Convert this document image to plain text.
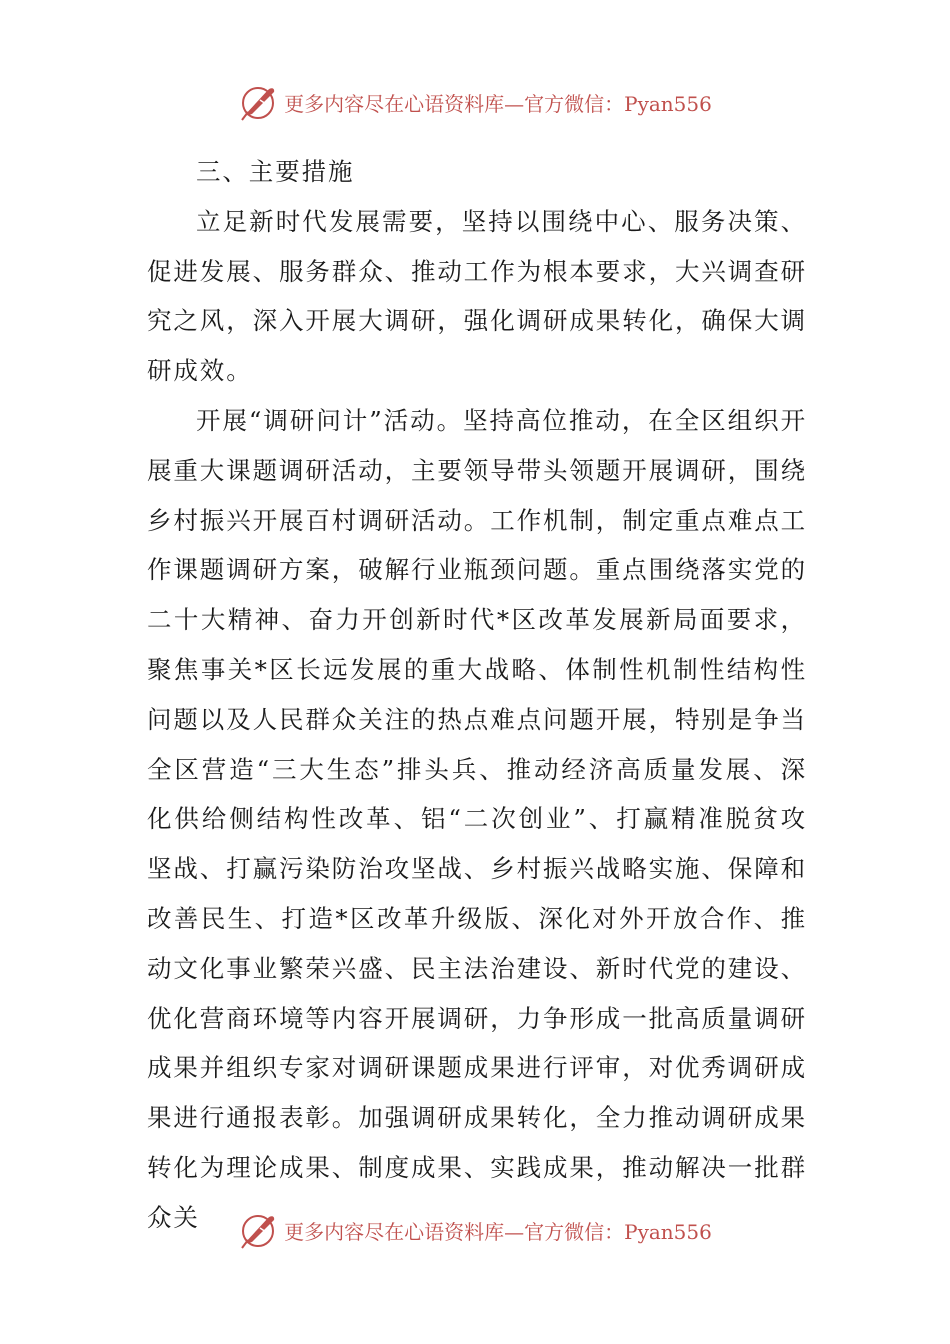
更多内容尽在心语资料库—官方微信：Pyan556

三、主要措施

立足新时代发展需要，坚持以围绕中心、服务决策、促进发展、服务群众、推动工作为根本要求，大兴调查研究之风，深入开展大调研，强化调研成果转化，确保大调研成效。

开展“调研问计”活动。坚持高位推动，在全区组织开展重大课题调研活动，主要领导带头领题开展调研，围绕乡村振兴开展百村调研活动。工作机制，制定重点难点工作课题调研方案，破解行业瓶颈问题。重点围绕落实党的二十大精神、奋力开创新时代*区改革发展新局面要求，聚焦事关*区长远发展的重大战略、体制性机制性结构性问题以及人民群众关注的热点难点问题开展，特别是争当全区营造“三大生态”排头兵、推动经济高质量发展、深化供给侧结构性改革、铝“二次创业”、打赢精准脱贫攻坚战、打赢污染防治攻坚战、乡村振兴战略实施、保障和改善民生、打造*区改革升级版、深化对外开放合作、推动文化事业繁荣兴盛、民主法治建设、新时代党的建设、优化营商环境等内容开展调研，力争形成一批高质量调研成果并组织专家对调研课题成果进行评审，对优秀调研成果进行通报表彰。加强调研成果转化，全力推动调研成果转化为理论成果、制度成果、实践成果，推动解决一批群众关	更多内容尽在心语资料库—官方微信：Pyan556
